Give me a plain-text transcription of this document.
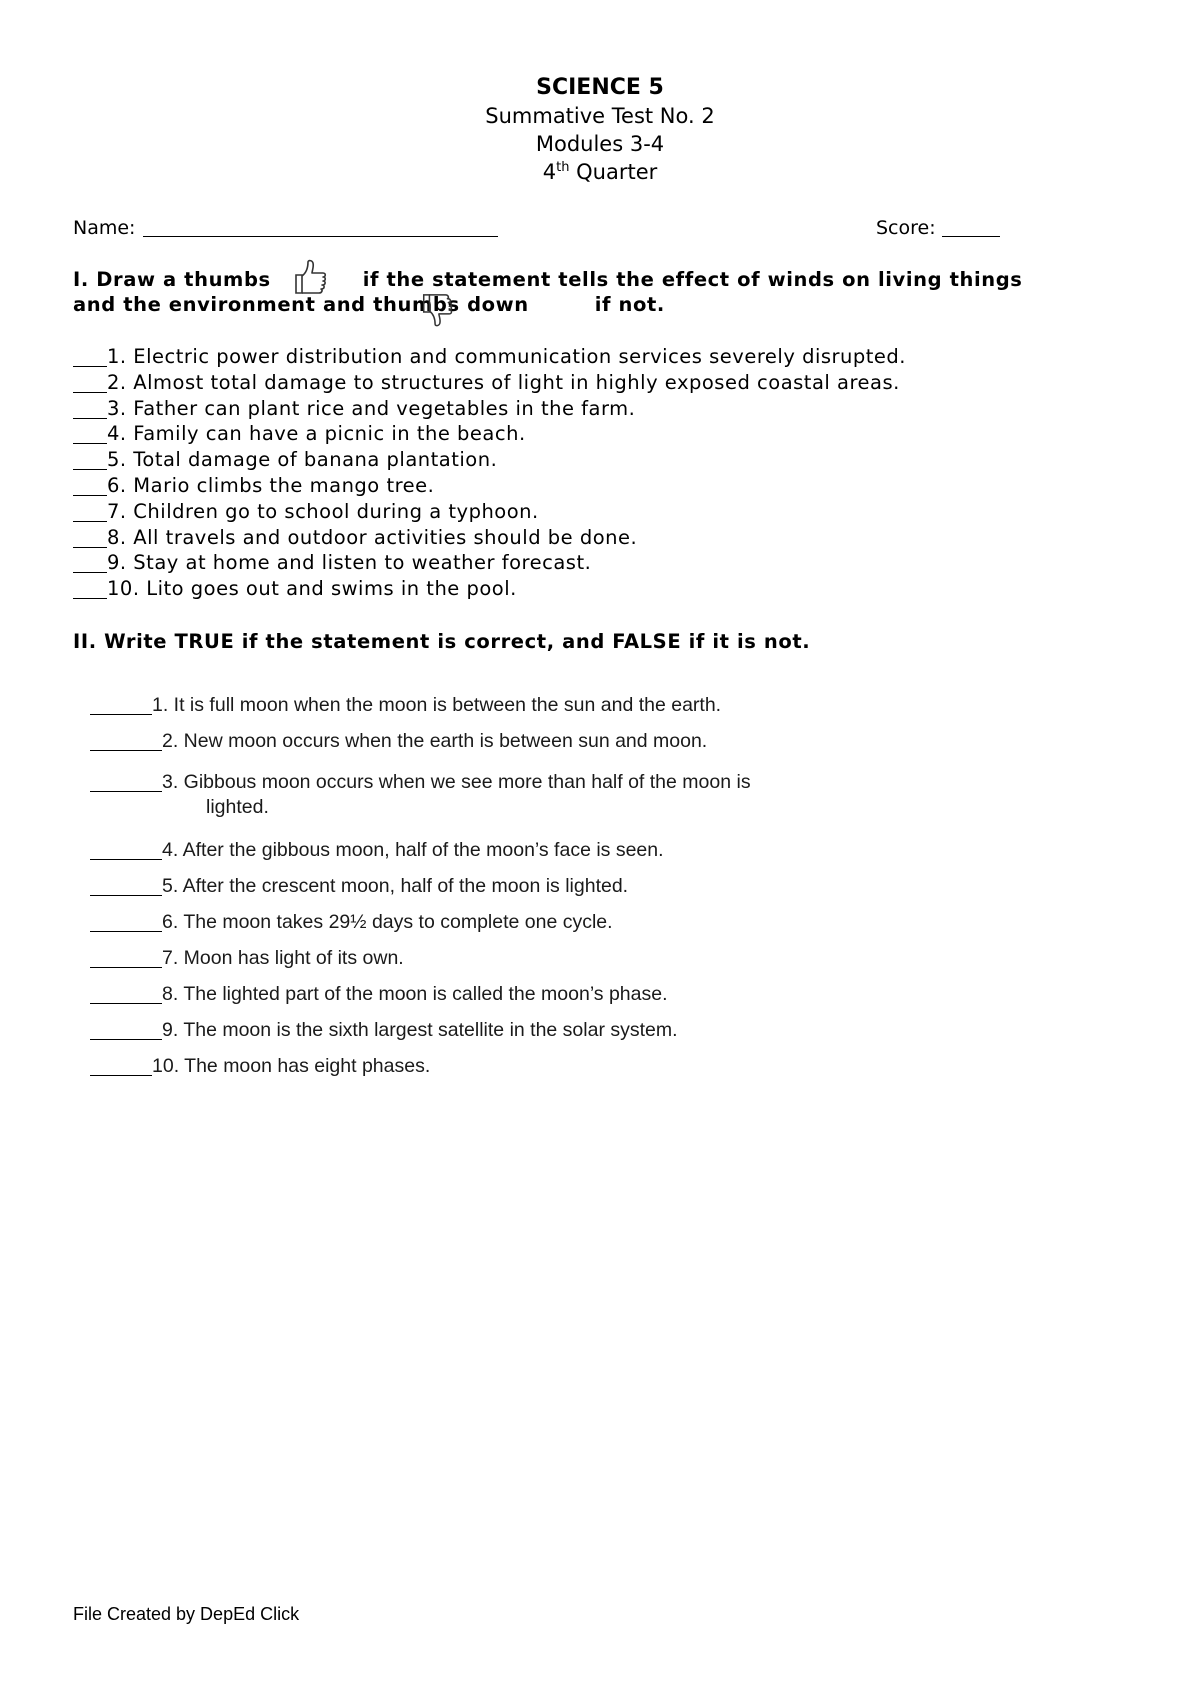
SCIENCE 5
Summative Test No. 2
Modules 3-4
4th Quarter
Name:	Score:
I. Draw a thumbs	if the statement tells the effect of winds on living things
and the environment and thumbs down	if not.
1. Electric power distribution and communication services severely disrupted.
2. Almost total damage to structures of light in highly exposed coastal areas.
3. Father can plant rice and vegetables in the farm.
4. Family can have a picnic in the beach.
5. Total damage of banana plantation.
6. Mario climbs the mango tree.
7. Children go to school during a typhoon.
8. All travels and outdoor activities should be done.
9. Stay at home and listen to weather forecast.
10. Lito goes out and swims in the pool.
II. Write TRUE if the statement is correct, and FALSE if it is not.
1. It is full moon when the moon is between the sun and the earth.
2. New moon occurs when the earth is between sun and moon.
3. Gibbous moon occurs when we see more than half of the moon is
lighted.
4. After the gibbous moon, half of the moon’s face is seen.
5. After the crescent moon, half of the moon is lighted.
6. The moon takes 29½ days to complete one cycle.
7. Moon has light of its own.
8. The lighted part of the moon is called the moon’s phase.
9. The moon is the sixth largest satellite in the solar system.
10. The moon has eight phases.
File Created by DepEd Click
